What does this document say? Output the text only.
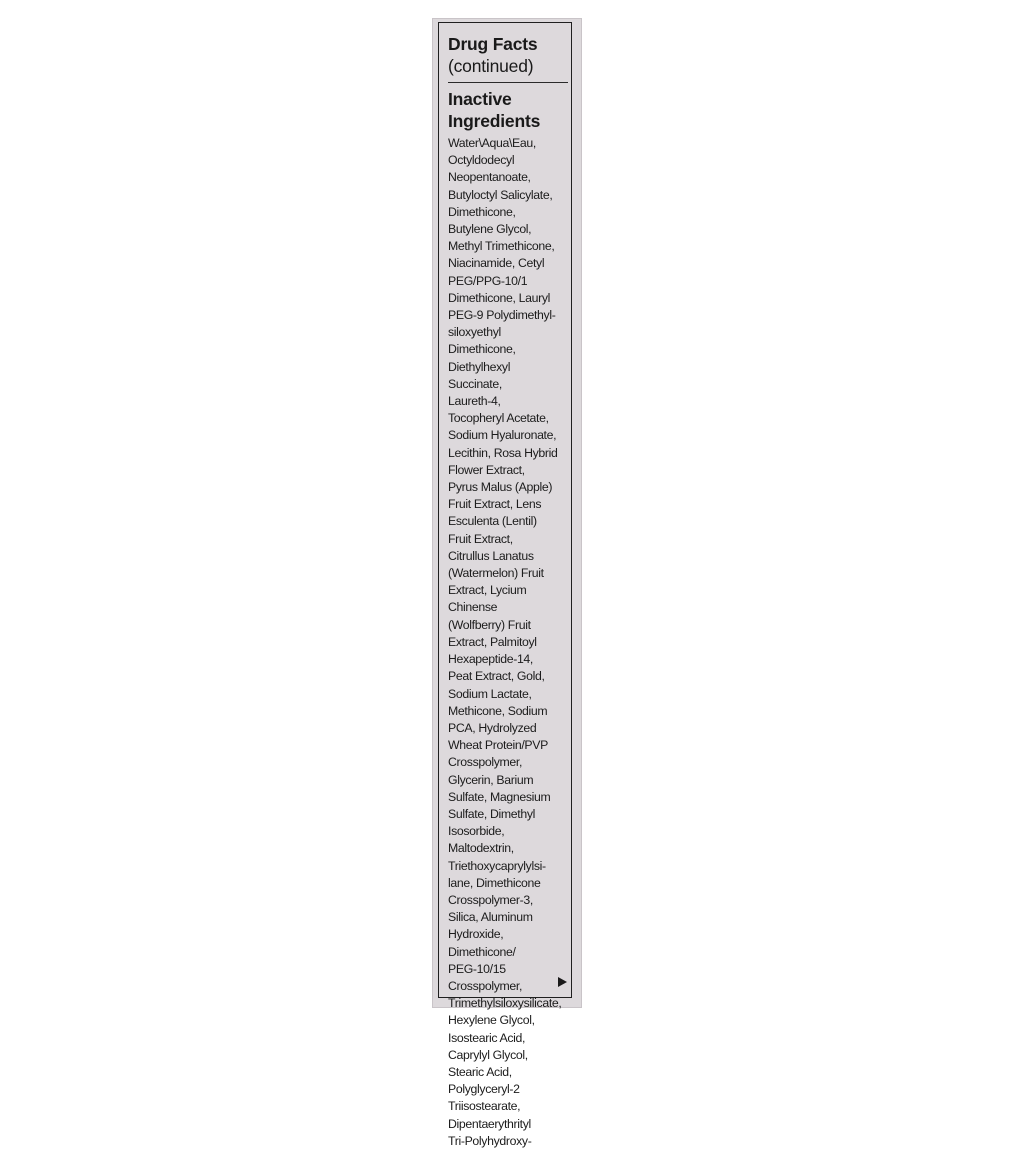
Drug Facts
(continued)
Inactive
Ingredients
Water\Aqua\Eau,
Octyldodecyl
Neopentanoate,
Butyloctyl Salicylate,
Dimethicone,
Butylene Glycol,
Methyl Trimethicone,
Niacinamide, Cetyl
PEG/PPG-10/1
Dimethicone, Lauryl
PEG-9 Polydimethyl-
siloxyethyl
Dimethicone,
Diethylhexyl
Succinate,
Laureth-4,
Tocopheryl Acetate,
Sodium Hyaluronate,
Lecithin, Rosa Hybrid
Flower Extract,
Pyrus Malus (Apple)
Fruit Extract, Lens
Esculenta (Lentil)
Fruit Extract,
Citrullus Lanatus
(Watermelon) Fruit
Extract, Lycium
Chinense
(Wolfberry) Fruit
Extract, Palmitoyl
Hexapeptide-14,
Peat Extract, Gold,
Sodium Lactate,
Methicone, Sodium
PCA, Hydrolyzed
Wheat Protein/PVP
Crosspolymer,
Glycerin, Barium
Sulfate, Magnesium
Sulfate, Dimethyl
Isosorbide,
Maltodextrin,
Triethoxycaprylylsi-
lane, Dimethicone
Crosspolymer-3,
Silica, Aluminum
Hydroxide,
Dimethicone/
PEG-10/15
Crosspolymer,
Trimethylsiloxysilicate,
Hexylene Glycol,
Isostearic Acid,
Caprylyl Glycol,
Stearic Acid,
Polyglyceryl-2
Triisostearate,
Dipentaerythrityl
Tri-Polyhydroxy-
